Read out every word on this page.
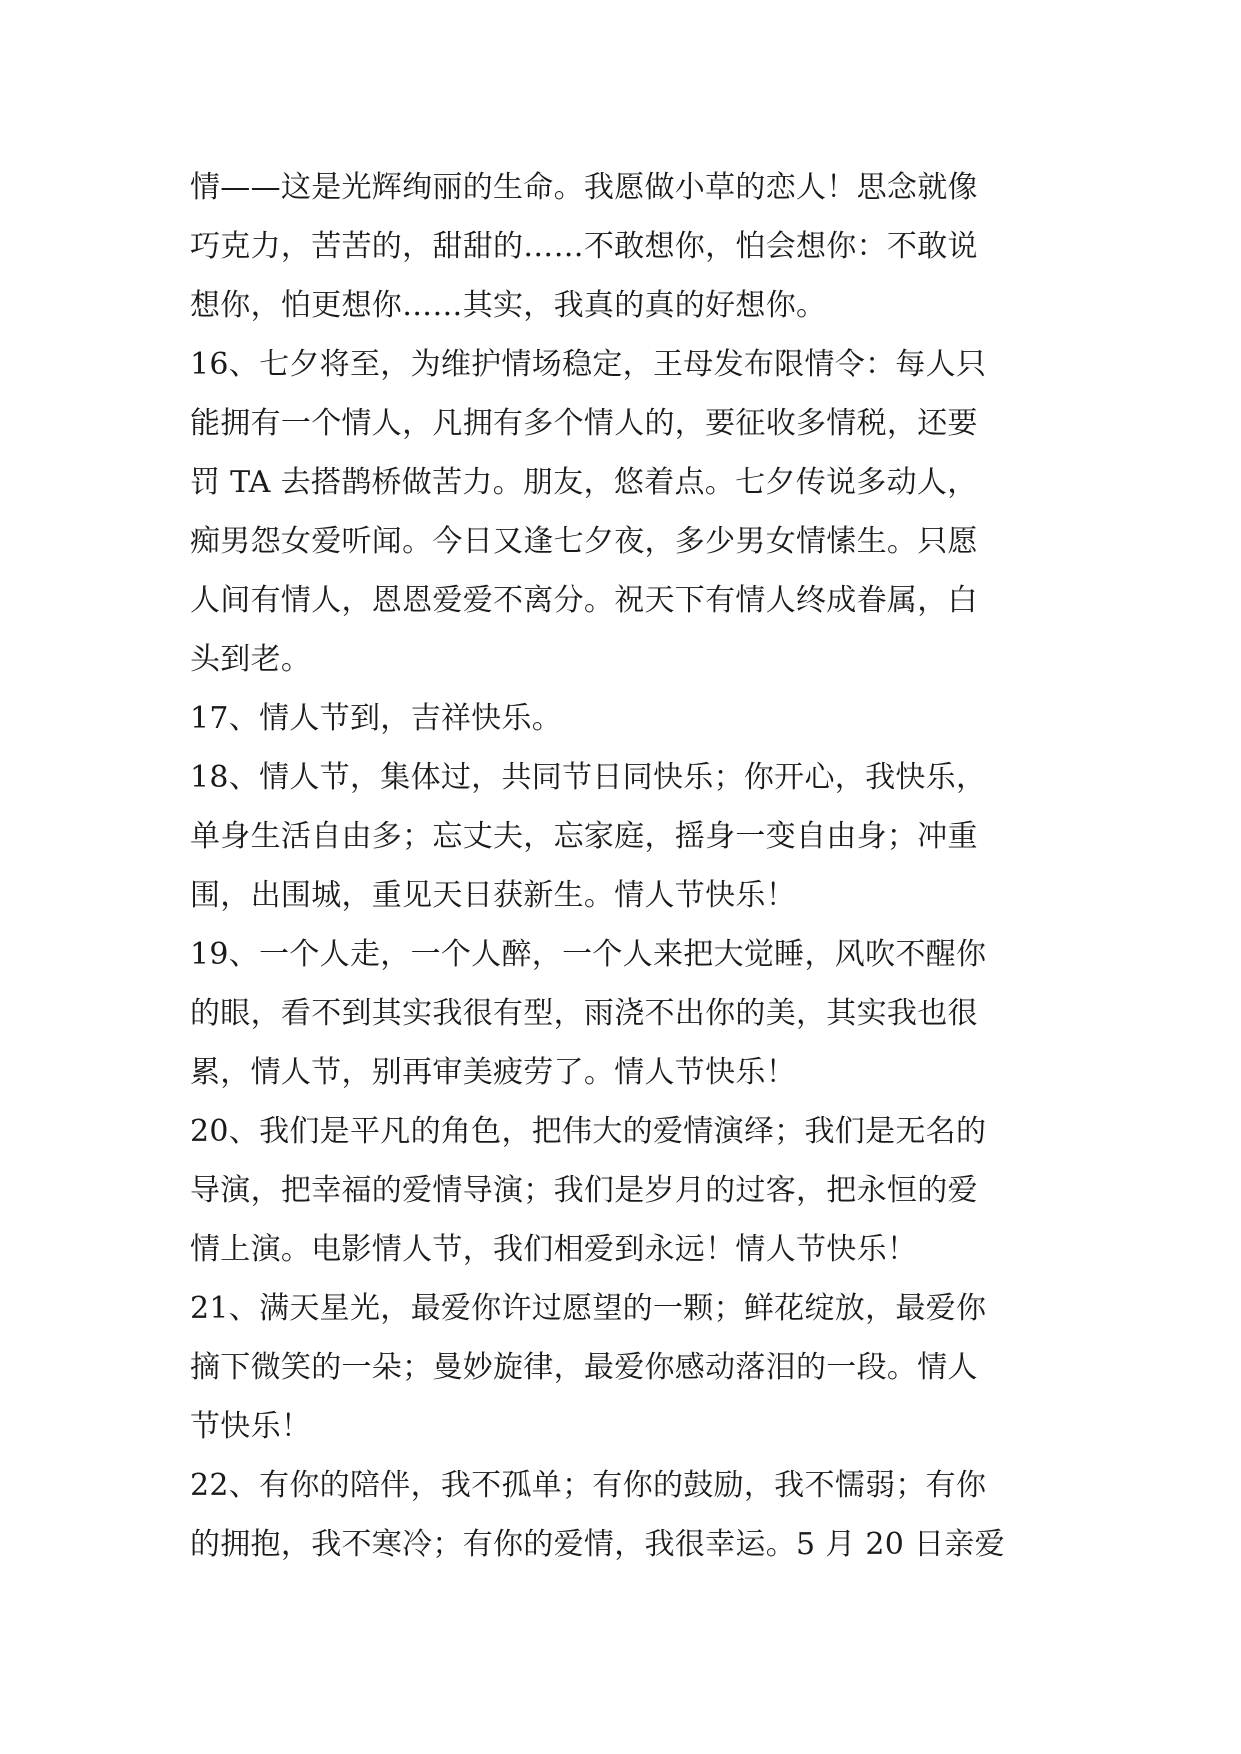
情——这是光辉绚丽的生命。我愿做小草的恋人！思念就像
巧克力，苦苦的，甜甜的……不敢想你，怕会想你：不敢说
想你，怕更想你……其实，我真的真的好想你。
16、七夕将至，为维护情场稳定，王母发布限情令：每人只
能拥有一个情人，凡拥有多个情人的，要征收多情税，还要
罚 TA 去搭鹊桥做苦力。朋友，悠着点。七夕传说多动人，
痴男怨女爱听闻。今日又逢七夕夜，多少男女情愫生。只愿
人间有情人，恩恩爱爱不离分。祝天下有情人终成眷属，白
头到老。
17、情人节到，吉祥快乐。
18、情人节，集体过，共同节日同快乐；你开心，我快乐，
单身生活自由多；忘丈夫，忘家庭，摇身一变自由身；冲重
围，出围城，重见天日获新生。情人节快乐！
19、一个人走，一个人醉，一个人来把大觉睡，风吹不醒你
的眼，看不到其实我很有型，雨浇不出你的美，其实我也很
累，情人节，别再审美疲劳了。情人节快乐！
20、我们是平凡的角色，把伟大的爱情演绎；我们是无名的
导演，把幸福的爱情导演；我们是岁月的过客，把永恒的爱
情上演。电影情人节，我们相爱到永远！情人节快乐！
21、满天星光，最爱你许过愿望的一颗；鲜花绽放，最爱你
摘下微笑的一朵；曼妙旋律，最爱你感动落泪的一段。情人
节快乐！
22、有你的陪伴，我不孤单；有你的鼓励，我不懦弱；有你
的拥抱，我不寒冷；有你的爱情，我很幸运。5 月 20 日亲爱
